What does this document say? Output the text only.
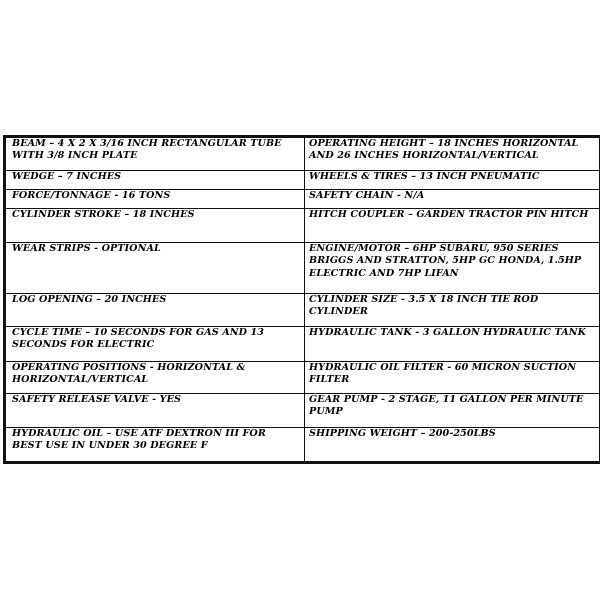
BEAM – 4 X 2 X 3/16 INCH RECTANGULAR TUBE WITH 3/8 INCH PLATE	OPERATING HEIGHT – 18 INCHES HORIZONTAL AND 26 INCHES HORIZONTAL/VERTICAL
WEDGE – 7 INCHES	WHEELS & TIRES – 13 INCH PNEUMATIC
FORCE/TONNAGE - 16 TONS	SAFETY CHAIN - N/A
CYLINDER STROKE – 18 INCHES	HITCH COUPLER – GARDEN TRACTOR PIN HITCH
WEAR STRIPS - OPTIONAL	ENGINE/MOTOR – 6HP SUBARU, 950 SERIES BRIGGS AND STRATTON, 5HP GC HONDA, 1.5HP ELECTRIC AND 7HP LIFAN
LOG OPENING – 20 INCHES	CYLINDER SIZE - 3.5 X 18 INCH TIE ROD CYLINDER
CYCLE TIME – 10 SECONDS FOR GAS AND 13 SECONDS FOR ELECTRIC	HYDRAULIC TANK - 3 GALLON HYDRAULIC TANK
OPERATING POSITIONS - HORIZONTAL & HORIZONTAL/VERTICAL	HYDRAULIC OIL FILTER - 60 MICRON SUCTION FILTER
SAFETY RELEASE VALVE - YES	GEAR PUMP - 2 STAGE, 11 GALLON PER MINUTE PUMP
HYDRAULIC OIL – USE ATF DEXTRON III FOR BEST USE IN UNDER 30 DEGREE F	SHIPPING WEIGHT – 200-250LBS
